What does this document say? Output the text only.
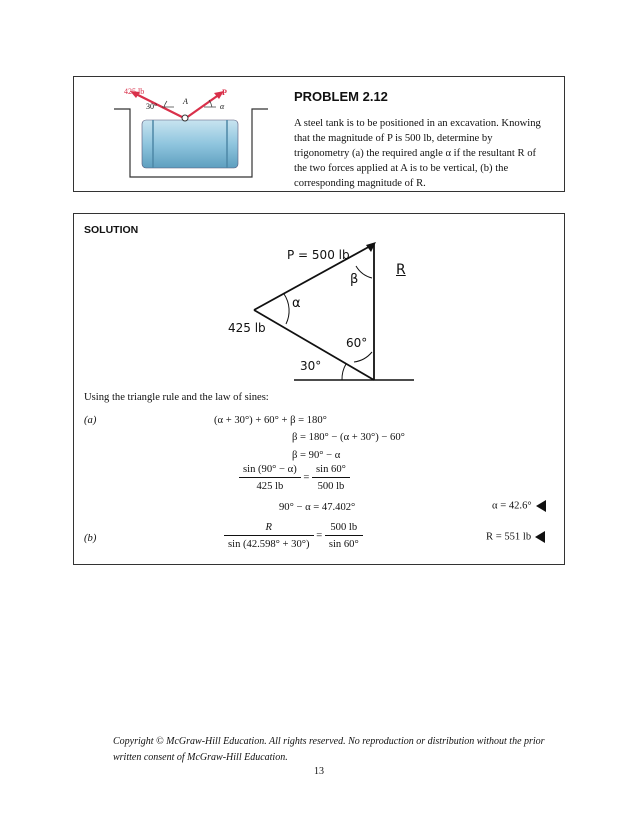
425 lb	P
30°
A
α
PROBLEM 2.12
A steel tank is to be positioned in an excavation. Knowing
that the magnitude of P is 500 lb, determine by
trigonometry (a) the required angle α if the resultant R of
the two forces applied at A is to be vertical, (b) the
corresponding magnitude of R.
SOLUTION
P = 500 lb
R
β
α
425 lb
60°
30°
Using the triangle rule and the law of sines:
(a)	(α + 30°) + 60° + β = 180°
β = 180° − (α + 30°) − 60°
β = 90° − α
$\frac{\sin (90^\circ - \alpha)}{425 lb} = \frac{\sin 60^\circ}{500 lb}$
90° − α = 47.402°	α = 42.6°
(b)	$\frac{R}{\sin (42.598^\circ + 30^\circ)} = \frac{500 lb}{\sin 60^\circ}$	R = 551 lb
Copyright © McGraw-Hill Education. All rights reserved. No reproduction or distribution without the prior
written consent of McGraw-Hill Education.
13
